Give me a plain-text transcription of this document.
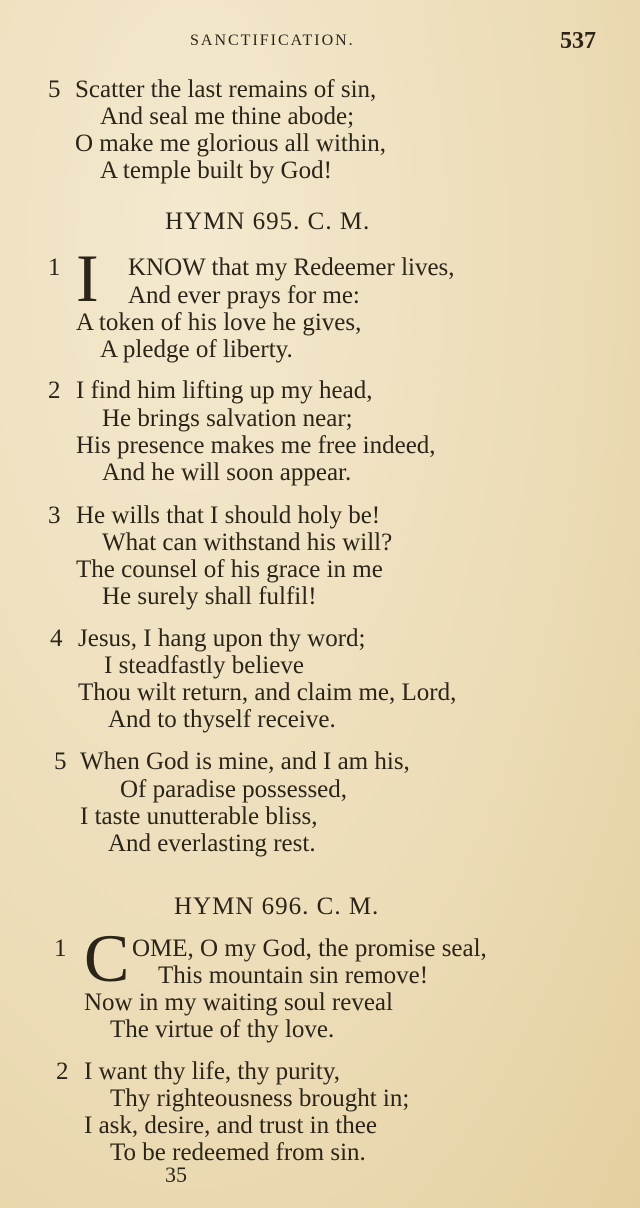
SANCTIFICATION.	537
5 Scatter the last remains of sin,
And seal me thine abode;
O make me glorious all within,
A temple built by God!
HYMN 695. C. M.
1 I KNOW that my Redeemer lives,
And ever prays for me:
A token of his love he gives,
A pledge of liberty.
2 I find him lifting up my head,
He brings salvation near;
His presence makes me free indeed,
And he will soon appear.
3 He wills that I should holy be!
What can withstand his will?
The counsel of his grace in me
He surely shall fulfil!
4 Jesus, I hang upon thy word;
I steadfastly believe
Thou wilt return, and claim me, Lord,
And to thyself receive.
5 When God is mine, and I am his,
Of paradise possessed,
I taste unutterable bliss,
And everlasting rest.
HYMN 696. C. M.
1 C OME, O my God, the promise seal,
This mountain sin remove!
Now in my waiting soul reveal
The virtue of thy love.
2 I want thy life, thy purity,
Thy righteousness brought in;
I ask, desire, and trust in thee
To be redeemed from sin.
35
